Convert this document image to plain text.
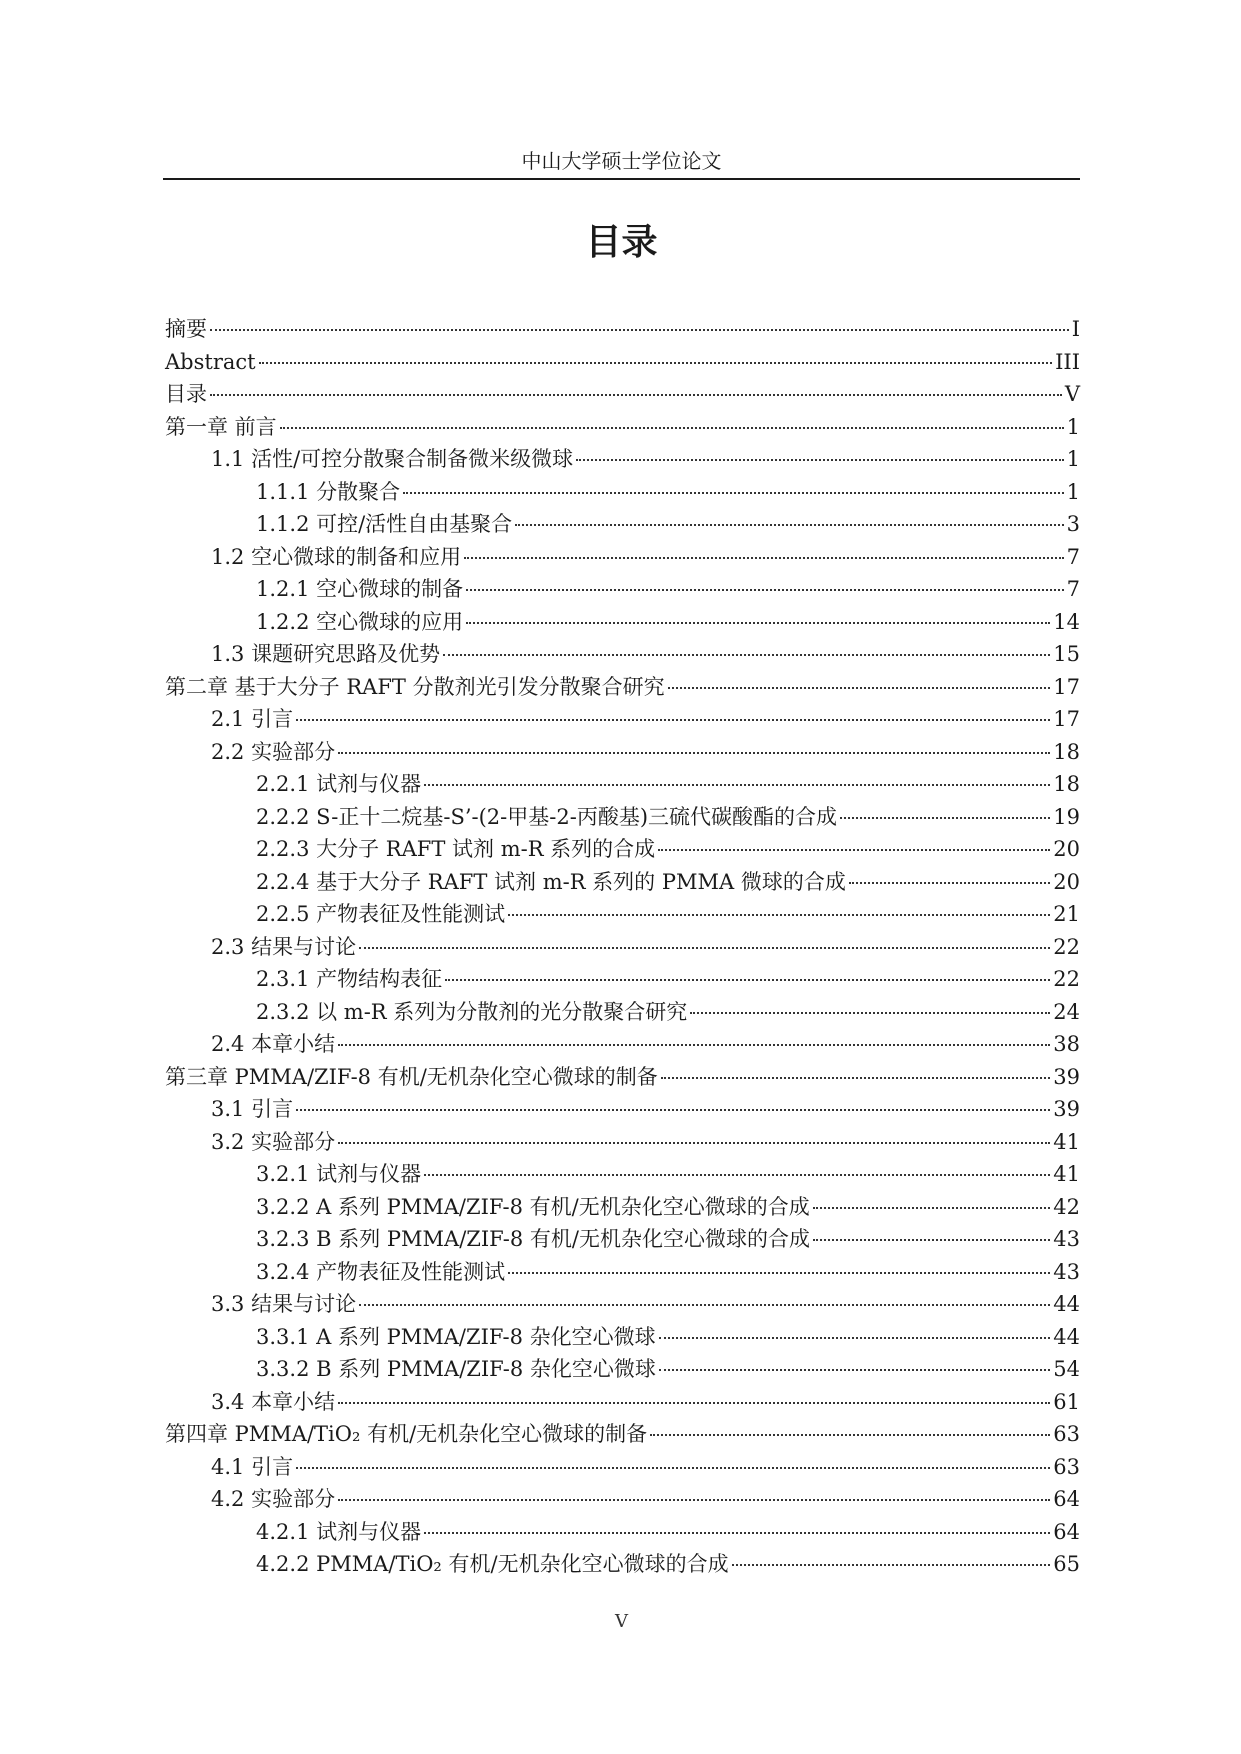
中山大学硕士学位论文
目录
摘要	I
Abstract	III
目录	V
第一章 前言	1
1.1 活性/可控分散聚合制备微米级微球	1
1.1.1 分散聚合	1
1.1.2 可控/活性自由基聚合	3
1.2 空心微球的制备和应用	7
1.2.1 空心微球的制备	7
1.2.2 空心微球的应用	14
1.3 课题研究思路及优势	15
第二章 基于大分子 RAFT 分散剂光引发分散聚合研究	17
2.1 引言	17
2.2 实验部分	18
2.2.1 试剂与仪器	18
2.2.2 S-正十二烷基-S’-(2-甲基-2-丙酸基)三硫代碳酸酯的合成	19
2.2.3 大分子 RAFT 试剂 m-R 系列的合成	20
2.2.4 基于大分子 RAFT 试剂 m-R 系列的 PMMA 微球的合成	20
2.2.5 产物表征及性能测试	21
2.3 结果与讨论	22
2.3.1 产物结构表征	22
2.3.2 以 m-R 系列为分散剂的光分散聚合研究	24
2.4 本章小结	38
第三章 PMMA/ZIF-8 有机/无机杂化空心微球的制备	39
3.1 引言	39
3.2 实验部分	41
3.2.1 试剂与仪器	41
3.2.2 A 系列 PMMA/ZIF-8 有机/无机杂化空心微球的合成	42
3.2.3 B 系列 PMMA/ZIF-8 有机/无机杂化空心微球的合成	43
3.2.4 产物表征及性能测试	43
3.3 结果与讨论	44
3.3.1 A 系列 PMMA/ZIF-8 杂化空心微球	44
3.3.2 B 系列 PMMA/ZIF-8 杂化空心微球	54
3.4 本章小结	61
第四章 PMMA/TiO₂ 有机/无机杂化空心微球的制备	63
4.1 引言	63
4.2 实验部分	64
4.2.1 试剂与仪器	64
4.2.2 PMMA/TiO₂ 有机/无机杂化空心微球的合成	65
V
